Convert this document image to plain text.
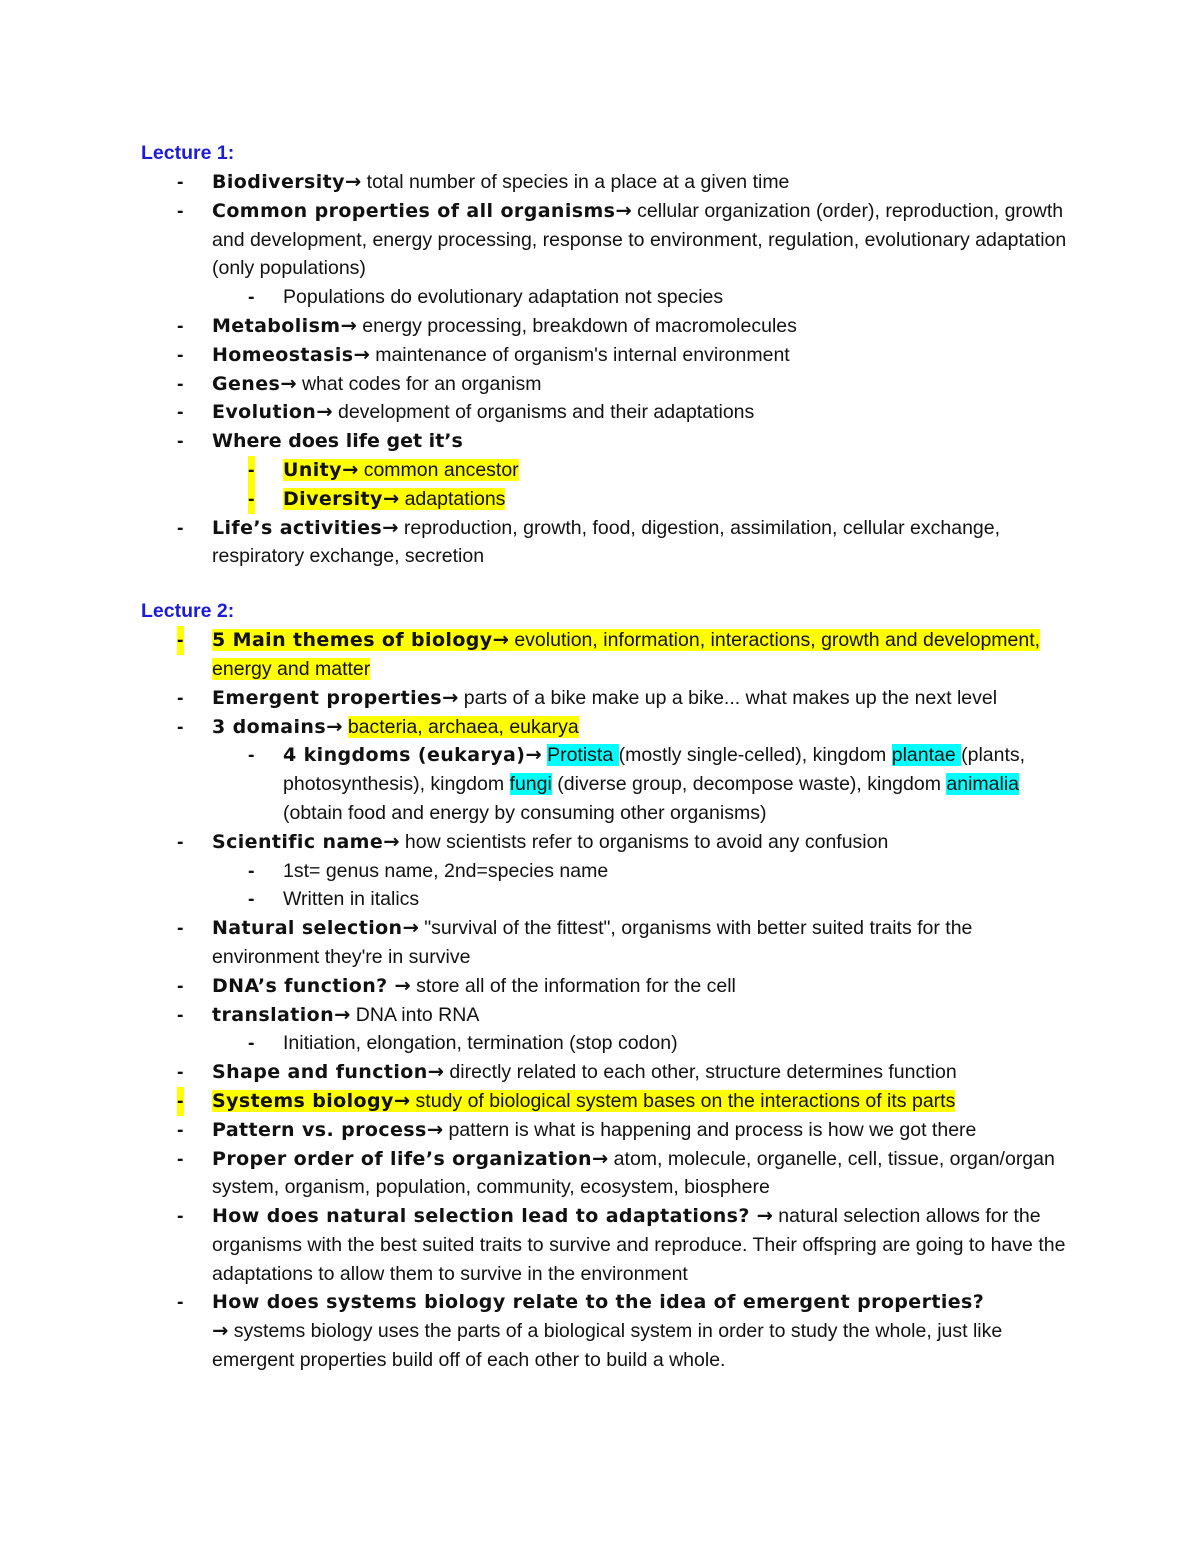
Lecture 1:
- Biodiversity→ total number of species in a place at a given time
- Common properties of all organisms→ cellular organization (order), reproduction, growth and development, energy processing, response to environment, regulation, evolutionary adaptation (only populations)
- Populations do evolutionary adaptation not species
- Metabolism→ energy processing, breakdown of macromolecules
- Homeostasis→ maintenance of organism's internal environment
- Genes→ what codes for an organism
- Evolution→ development of organisms and their adaptations
- Where does life get it’s
- Unity→ common ancestor
- Diversity→ adaptations
- Life’s activities→ reproduction, growth, food, digestion, assimilation, cellular exchange, respiratory exchange, secretion
Lecture 2:
- 5 Main themes of biology→ evolution, information, interactions, growth and development, energy and matter
- Emergent properties→ parts of a bike make up a bike... what makes up the next level
- 3 domains→ bacteria, archaea, eukarya
- 4 kingdoms (eukarya)→ Protista (mostly single-celled), kingdom plantae (plants, photosynthesis), kingdom fungi (diverse group, decompose waste), kingdom animalia (obtain food and energy by consuming other organisms)
- Scientific name→ how scientists refer to organisms to avoid any confusion
- 1st= genus name, 2nd=species name
- Written in italics
- Natural selection→ "survival of the fittest", organisms with better suited traits for the environment they're in survive
- DNA’s function? → store all of the information for the cell
- translation→ DNA into RNA
- Initiation, elongation, termination (stop codon)
- Shape and function→ directly related to each other, structure determines function
- Systems biology→ study of biological system bases on the interactions of its parts
- Pattern vs. process→ pattern is what is happening and process is how we got there
- Proper order of life’s organization→ atom, molecule, organelle, cell, tissue, organ/organ system, organism, population, community, ecosystem, biosphere
- How does natural selection lead to adaptations? → natural selection allows for the organisms with the best suited traits to survive and reproduce. Their offspring are going to have the adaptations to allow them to survive in the environment
- How does systems biology relate to the idea of emergent properties?
→ systems biology uses the parts of a biological system in order to study the whole, just like emergent properties build off of each other to build a whole.
